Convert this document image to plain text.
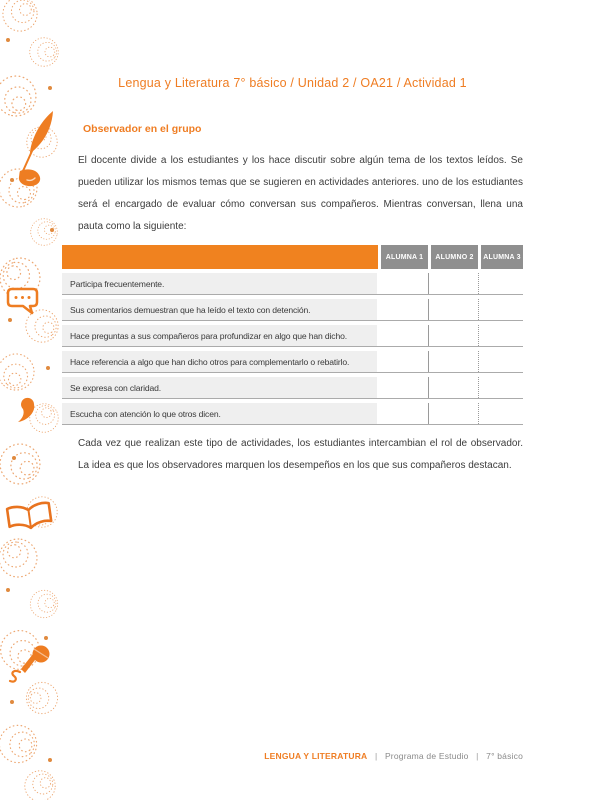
Lengua y Literatura 7° básico / Unidad 2 / OA21 / Actividad 1
Observador en el grupo

El docente divide a los estudiantes y los hace discutir sobre algún tema de los textos leídos. Se pueden utilizar los mismos temas que se sugieren en actividades anteriores. uno de los estudiantes será el encargado de evaluar cómo conversan sus compañeros. Mientras conversan, llena una pauta como la siguiente:

ALUMNA 1	ALUMNO 2	ALUMNA 3
Participa frecuentemente.
Sus comentarios demuestran que ha leído el texto con detención.
Hace preguntas a sus compañeros para profundizar en algo que han dicho.
Hace referencia a algo que han dicho otros para complementarlo o rebatirlo.
Se expresa con claridad.
Escucha con atención lo que otros dicen.

Cada vez que realizan este tipo de actividades, los estudiantes intercambian el rol de observador. La idea es que los observadores marquen los desempeños en los que sus compañeros destacan.

LENGUA Y LITERATURA | Programa de Estudio | 7° básico
